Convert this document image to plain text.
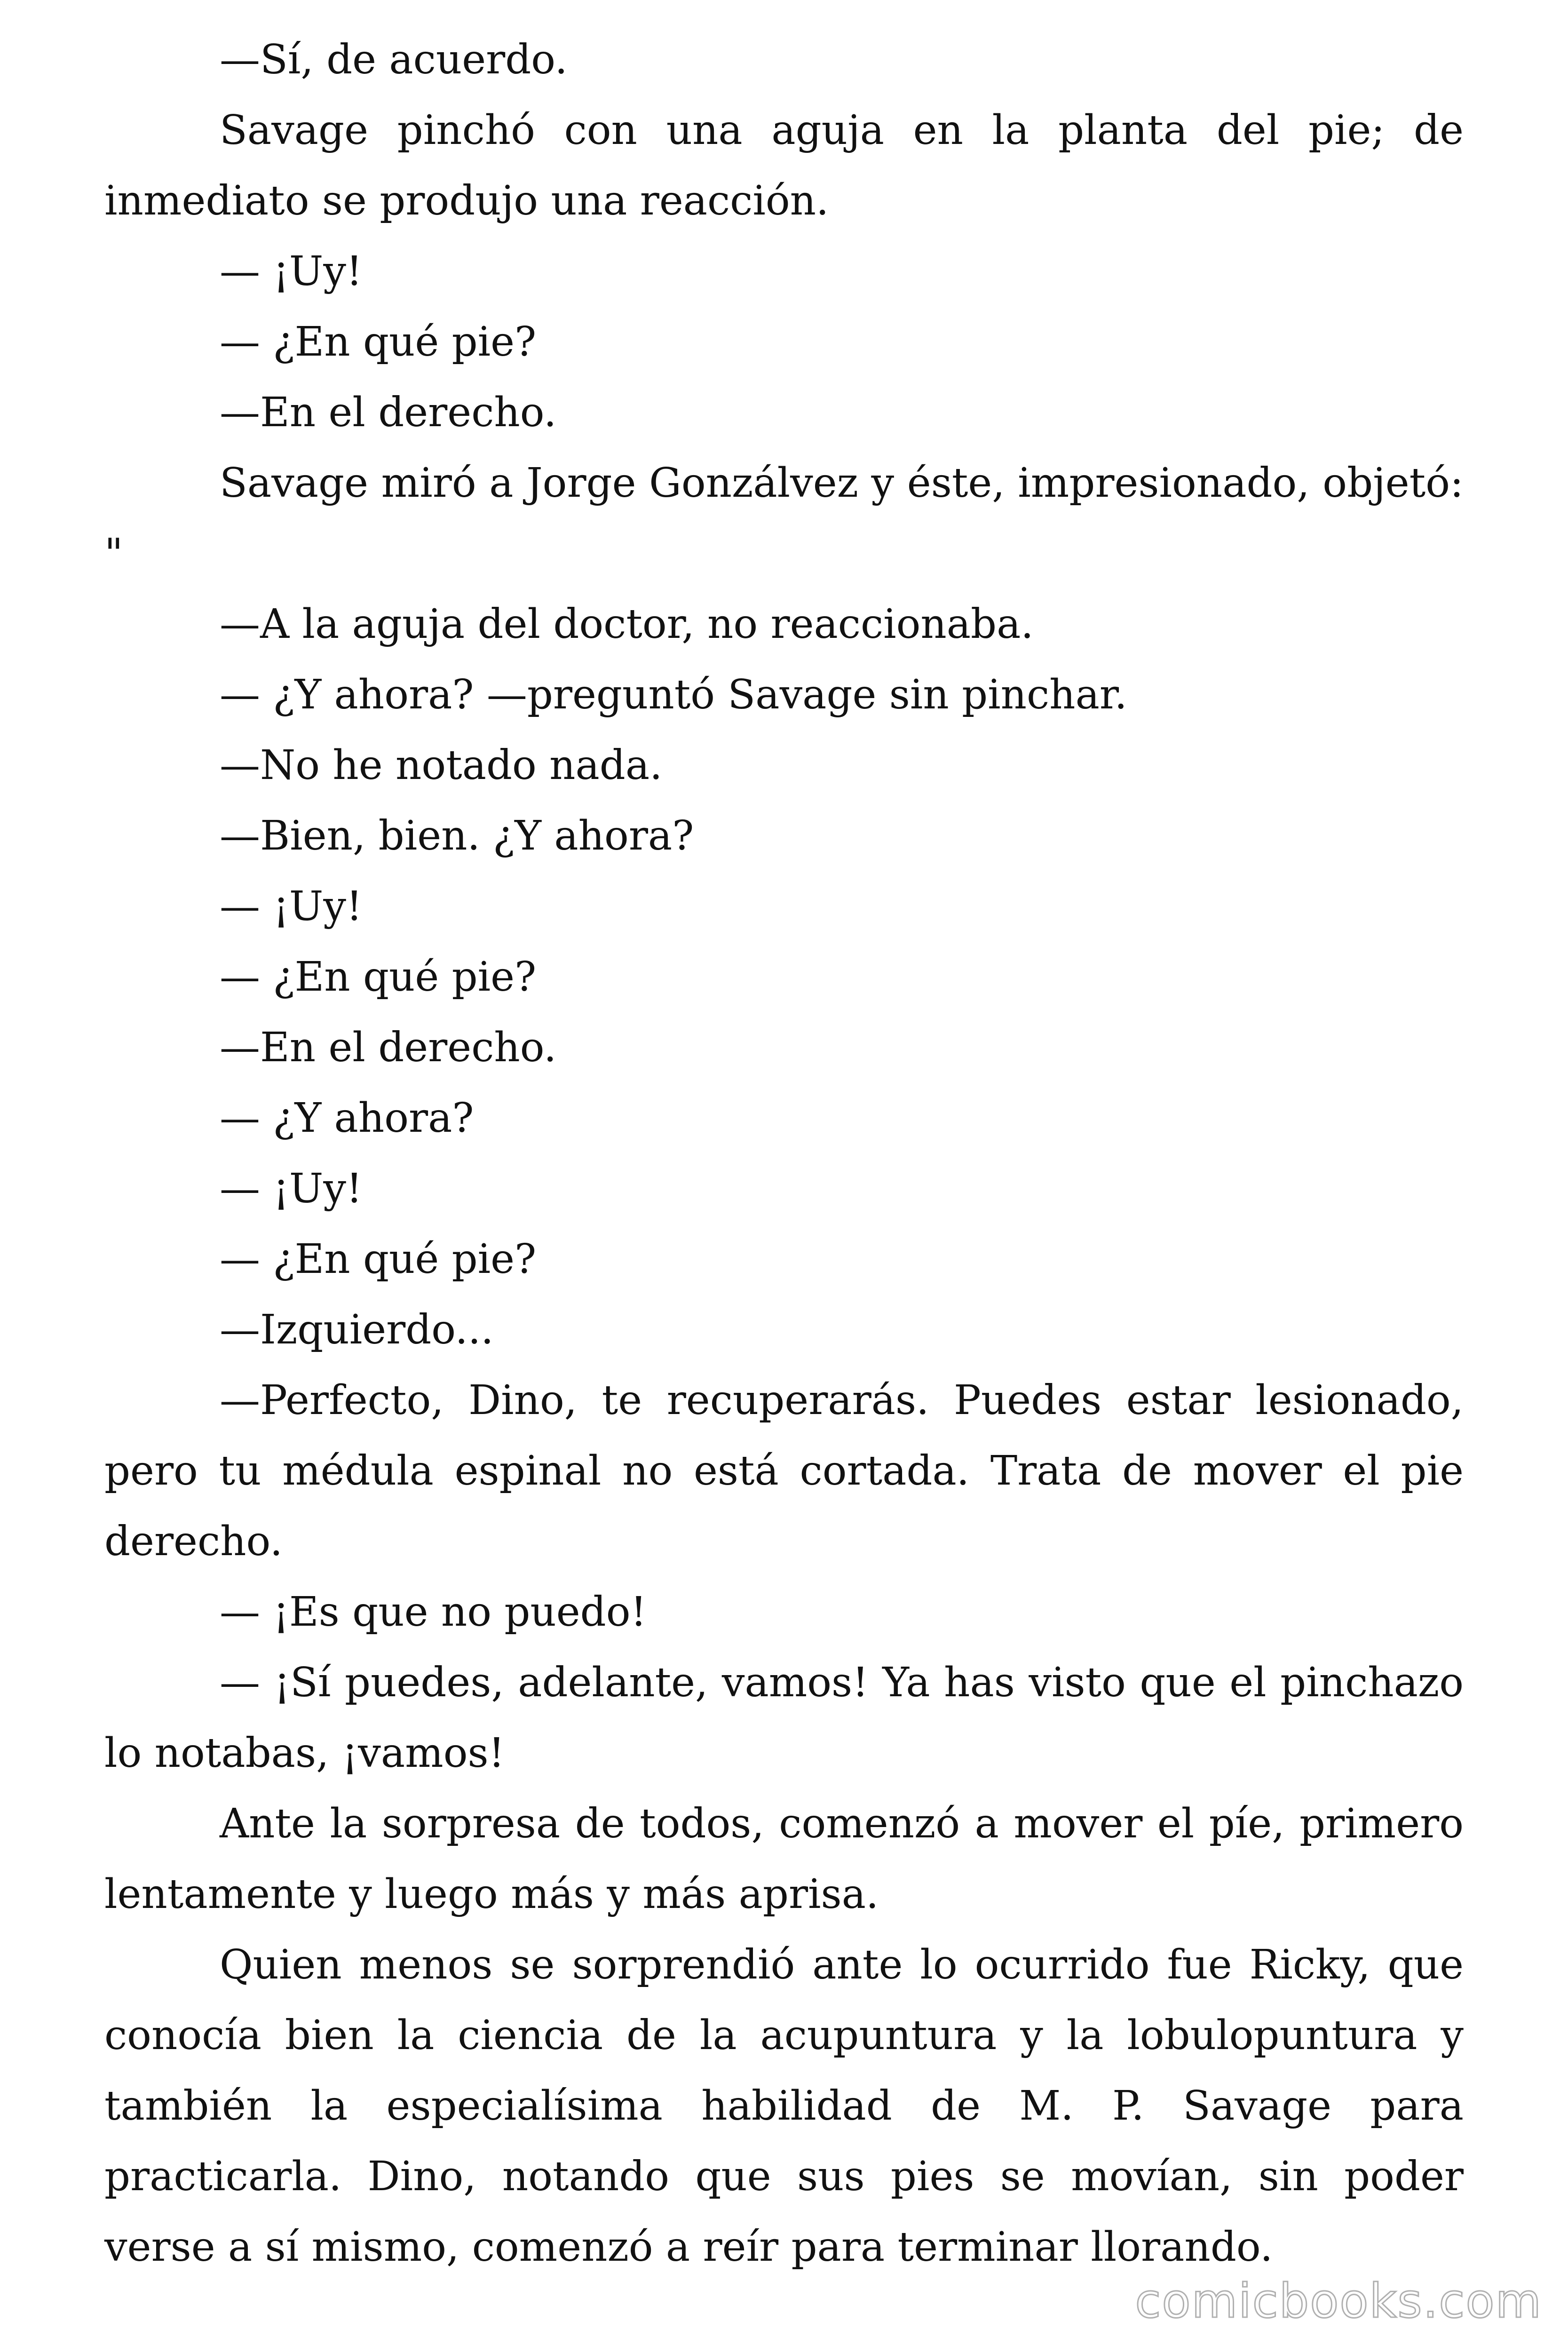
—Sí, de acuerdo.

Savage pinchó con una aguja en la planta del pie; de inmediato se produjo una reacción.

— ¡Uy!

— ¿En qué pie?

—En el derecho.

Savage miró a Jorge Gonzálvez y éste, impresionado, objetó:      "

—A la aguja del doctor, no reaccionaba.

— ¿Y ahora? —preguntó Savage sin pinchar.

—No he notado nada.

—Bien, bien. ¿Y ahora?

— ¡Uy!

— ¿En qué pie?

—En el derecho.

— ¿Y ahora?

— ¡Uy!

— ¿En qué pie?

—Izquierdo...

—Perfecto, Dino, te recuperarás. Puedes estar lesionado, pero tu médula espinal no está cortada. Trata de mover el pie derecho.

— ¡Es que no puedo!

— ¡Sí puedes, adelante, vamos! Ya has visto que el pinchazo lo notabas, ¡vamos!

Ante la sorpresa de todos, comenzó a mover el píe, primero lentamente y luego más y más aprisa.

Quien menos se sorprendió ante lo ocurrido fue Ricky, que conocía bien la ciencia de la acupuntura y la lobulopuntura y también la especialísima habilidad de M. P. Savage para practicarla. Dino, notando que sus pies se movían, sin poder verse a sí mismo, comenzó a reír para terminar llorando.

comicbooks.com
